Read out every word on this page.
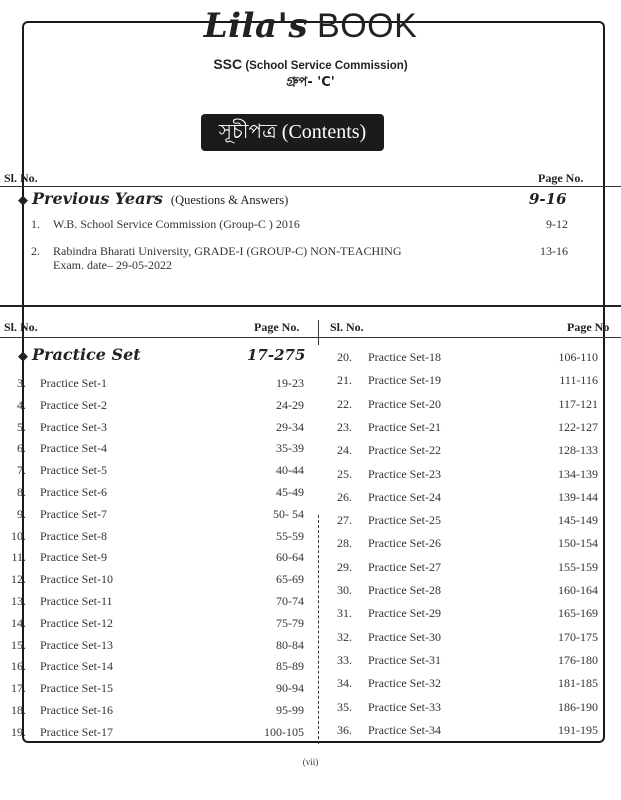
Lila's BOOK
SSC (School Service Commission)
গ্রুপ- 'C'
সূচীপত্র (Contents)
Sl. No.	Page No.
◆ Previous Years (Questions & Answers)	9-16
1. W.B. School Service Commission (Group-C ) 2016	9-12
2. Rabindra Bharati University, GRADE-I (GROUP-C) NON-TEACHING	13-16
Exam. date– 29-05-2022
Sl. No.	Page No.	Sl. No.	Page No
◆ Practice Set	17-275
3. Practice Set-1	19-23
4. Practice Set-2	24-29
5. Practice Set-3	29-34
6. Practice Set-4	35-39
7. Practice Set-5	40-44
8. Practice Set-6	45-49
9. Practice Set-7	50- 54
10. Practice Set-8	55-59
11. Practice Set-9	60-64
12. Practice Set-10	65-69
13. Practice Set-11	70-74
14. Practice Set-12	75-79
15. Practice Set-13	80-84
16. Practice Set-14	85-89
17. Practice Set-15	90-94
18. Practice Set-16	95-99
19. Practice Set-17	100-105
20. Practice Set-18	106-110
21. Practice Set-19	111-116
22. Practice Set-20	117-121
23. Practice Set-21	122-127
24. Practice Set-22	128-133
25. Practice Set-23	134-139
26. Practice Set-24	139-144
27. Practice Set-25	145-149
28. Practice Set-26	150-154
29. Practice Set-27	155-159
30. Practice Set-28	160-164
31. Practice Set-29	165-169
32. Practice Set-30	170-175
33. Practice Set-31	176-180
34. Practice Set-32	181-185
35. Practice Set-33	186-190
36. Practice Set-34	191-195
(vii)
